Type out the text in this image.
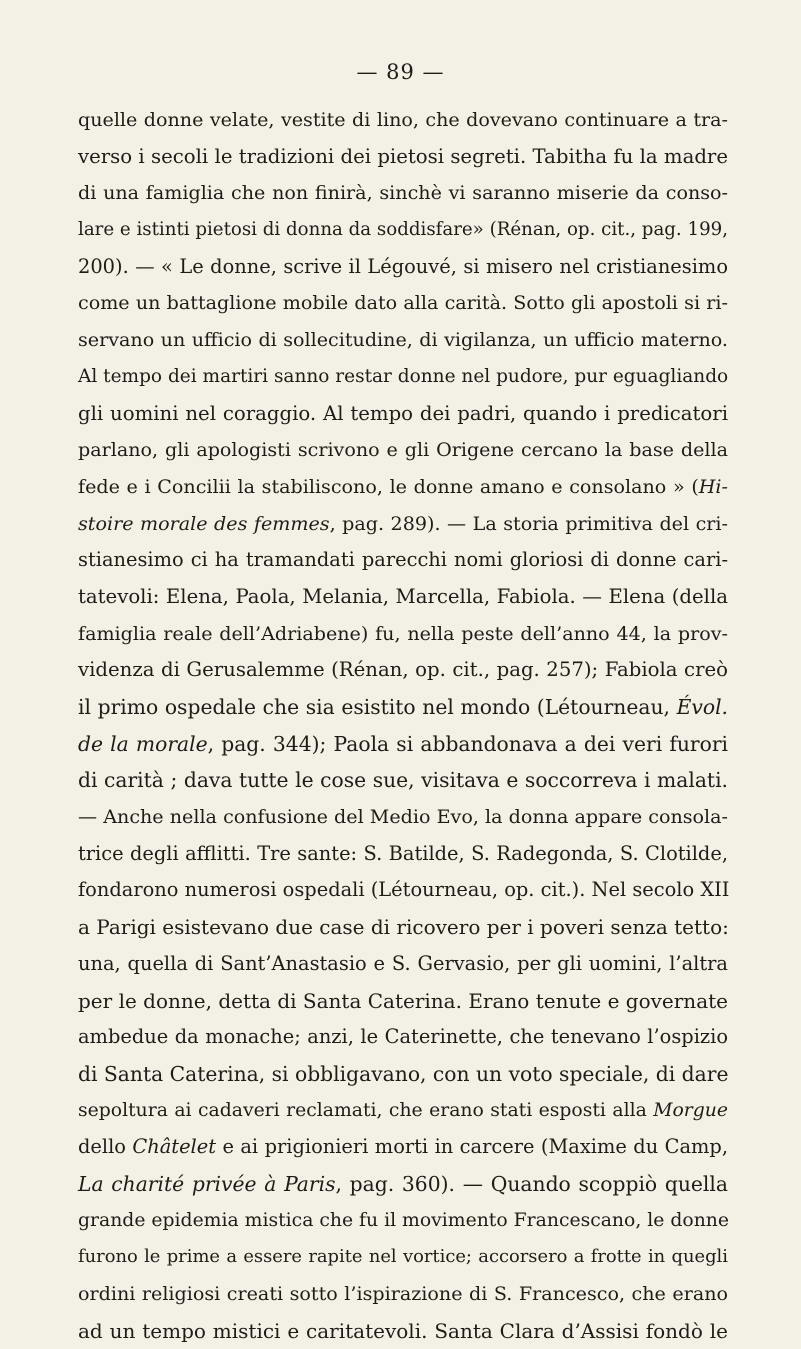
— 89 —
quelle donne velate, vestite di lino, che dovevano continuare a tra-
verso i secoli le tradizioni dei pietosi segreti. Tabitha fu la madre
di una famiglia che non finirà, sinchè vi saranno miserie da conso-
lare e istinti pietosi di donna da soddisfare» (Rénan, op. cit., pag. 199,
200). — « Le donne, scrive il Légouvé, si misero nel cristianesimo
come un battaglione mobile dato alla carità. Sotto gli apostoli si ri-
servano un ufficio di sollecitudine, di vigilanza, un ufficio materno.
Al tempo dei martiri sanno restar donne nel pudore, pur eguagliando
gli uomini nel coraggio. Al tempo dei padri, quando i predicatori
parlano, gli apologisti scrivono e gli Origene cercano la base della
fede e i Concilii la stabiliscono, le donne amano e consolano » (Hi-
stoire morale des femmes, pag. 289). — La storia primitiva del cri-
stianesimo ci ha tramandati parecchi nomi gloriosi di donne cari-
tatevoli: Elena, Paola, Melania, Marcella, Fabiola. — Elena (della
famiglia reale dell’Adriabene) fu, nella peste dell’anno 44, la prov-
videnza di Gerusalemme (Rénan, op. cit., pag. 257); Fabiola creò
il primo ospedale che sia esistito nel mondo (Létourneau, Évol.
de la morale, pag. 344); Paola si abbandonava a dei veri furori
di carità ; dava tutte le cose sue, visitava e soccorreva i malati.
— Anche nella confusione del Medio Evo, la donna appare consola-
trice degli afflitti. Tre sante: S. Batilde, S. Radegonda, S. Clotilde,
fondarono numerosi ospedali (Létourneau, op. cit.). Nel secolo XII
a Parigi esistevano due case di ricovero per i poveri senza tetto:
una, quella di Sant’Anastasio e S. Gervasio, per gli uomini, l’altra
per le donne, detta di Santa Caterina. Erano tenute e governate
ambedue da monache; anzi, le Caterinette, che tenevano l’ospizio
di Santa Caterina, si obbligavano, con un voto speciale, di dare
sepoltura ai cadaveri reclamati, che erano stati esposti alla Morgue
dello Châtelet e ai prigionieri morti in carcere (Maxime du Camp,
La charité privée à Paris, pag. 360). — Quando scoppiò quella
grande epidemia mistica che fu il movimento Francescano, le donne
furono le prime a essere rapite nel vortice; accorsero a frotte in quegli
ordini religiosi creati sotto l’ispirazione di S. Francesco, che erano
ad un tempo mistici e caritatevoli. Santa Clara d’Assisi fondò le
